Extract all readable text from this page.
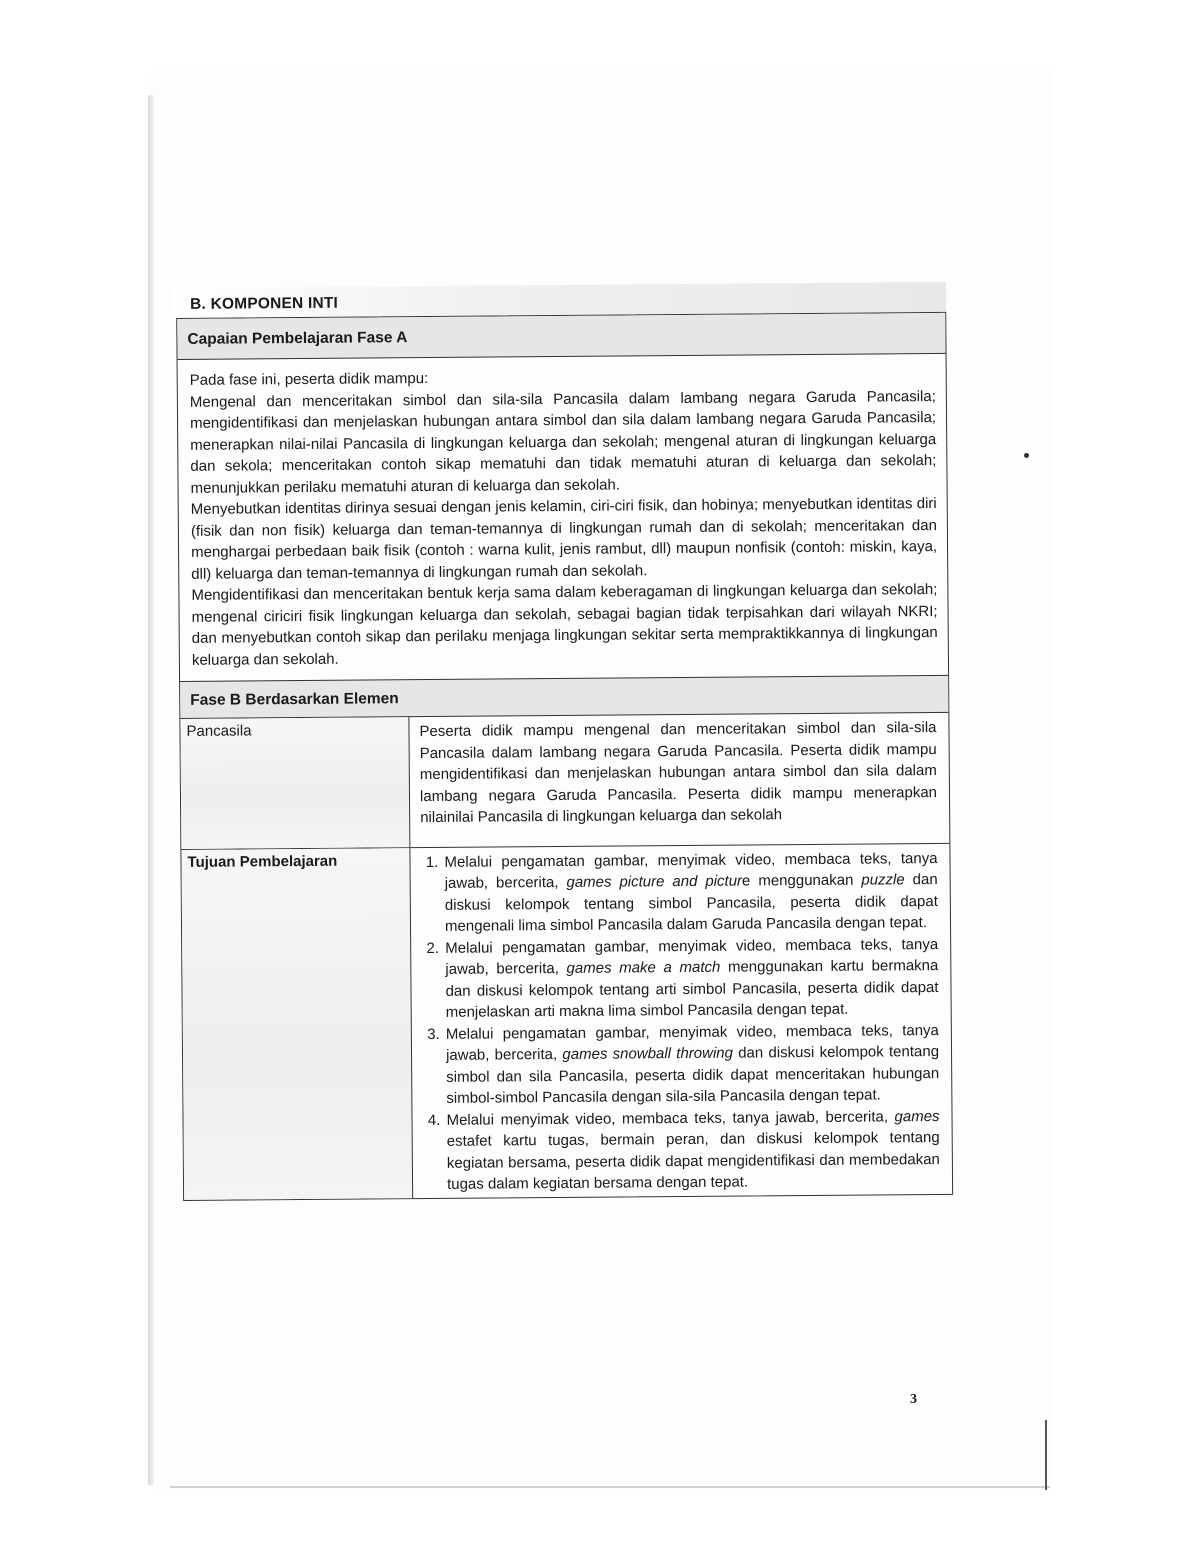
B. KOMPONEN INTI
Capaian Pembelajaran Fase A

Pada fase ini, peserta didik mampu:

Mengenal dan menceritakan simbol dan sila-sila Pancasila dalam lambang negara Garuda Pancasila; mengidentifikasi dan menjelaskan hubungan antara simbol dan sila dalam lambang negara Garuda Pancasila; menerapkan nilai-nilai Pancasila di lingkungan keluarga dan sekolah; mengenal aturan di lingkungan keluarga dan sekola; menceritakan contoh sikap mematuhi dan tidak mematuhi aturan di keluarga dan sekolah; menunjukkan perilaku mematuhi aturan di keluarga dan sekolah.

Menyebutkan identitas dirinya sesuai dengan jenis kelamin, ciri-ciri fisik, dan hobinya; menyebutkan identitas diri (fisik dan non fisik) keluarga dan teman-temannya di lingkungan rumah dan di sekolah; menceritakan dan menghargai perbedaan baik fisik (contoh : warna kulit, jenis rambut, dll) maupun nonfisik (contoh: miskin, kaya, dll) keluarga dan teman-temannya di lingkungan rumah dan sekolah.

Mengidentifikasi dan menceritakan bentuk kerja sama dalam keberagaman di lingkungan keluarga dan sekolah; mengenal ciriciri fisik lingkungan keluarga dan sekolah, sebagai bagian tidak terpisahkan dari wilayah NKRI; dan menyebutkan contoh sikap dan perilaku menjaga lingkungan sekitar serta mempraktikkannya di lingkungan keluarga dan sekolah.

Fase B Berdasarkan Elemen
Pancasila	Peserta didik mampu mengenal dan menceritakan simbol dan sila-sila Pancasila dalam lambang negara Garuda Pancasila. Peserta didik mampu mengidentifikasi dan menjelaskan hubungan antara simbol dan sila dalam lambang negara Garuda Pancasila. Peserta didik mampu menerapkan nilainilai Pancasila di lingkungan keluarga dan sekolah
Tujuan Pembelajaran
1.	Melalui pengamatan gambar, menyimak video, membaca teks, tanya jawab, bercerita, games picture and picture menggunakan puzzle dan diskusi kelompok tentang simbol Pancasila, peserta didik dapat mengenali lima simbol Pancasila dalam Garuda Pancasila dengan tepat.
2. Melalui pengamatan gambar, menyimak video, membaca teks, tanya jawab, bercerita, games make a match menggunakan kartu bermakna dan diskusi kelompok tentang arti simbol Pancasila, peserta didik dapat menjelaskan arti makna lima simbol Pancasila dengan tepat.
3. Melalui pengamatan gambar, menyimak video, membaca teks, tanya jawab, bercerita, games snowball throwing dan diskusi kelompok tentang simbol dan sila Pancasila, peserta didik dapat menceritakan hubungan simbol-simbol Pancasila dengan sila-sila Pancasila dengan tepat.
4. Melalui menyimak video, membaca teks, tanya jawab, bercerita, games estafet kartu tugas, bermain peran, dan diskusi kelompok tentang kegiatan bersama, peserta didik dapat mengidentifikasi dan membedakan tugas dalam kegiatan bersama dengan tepat.
3
